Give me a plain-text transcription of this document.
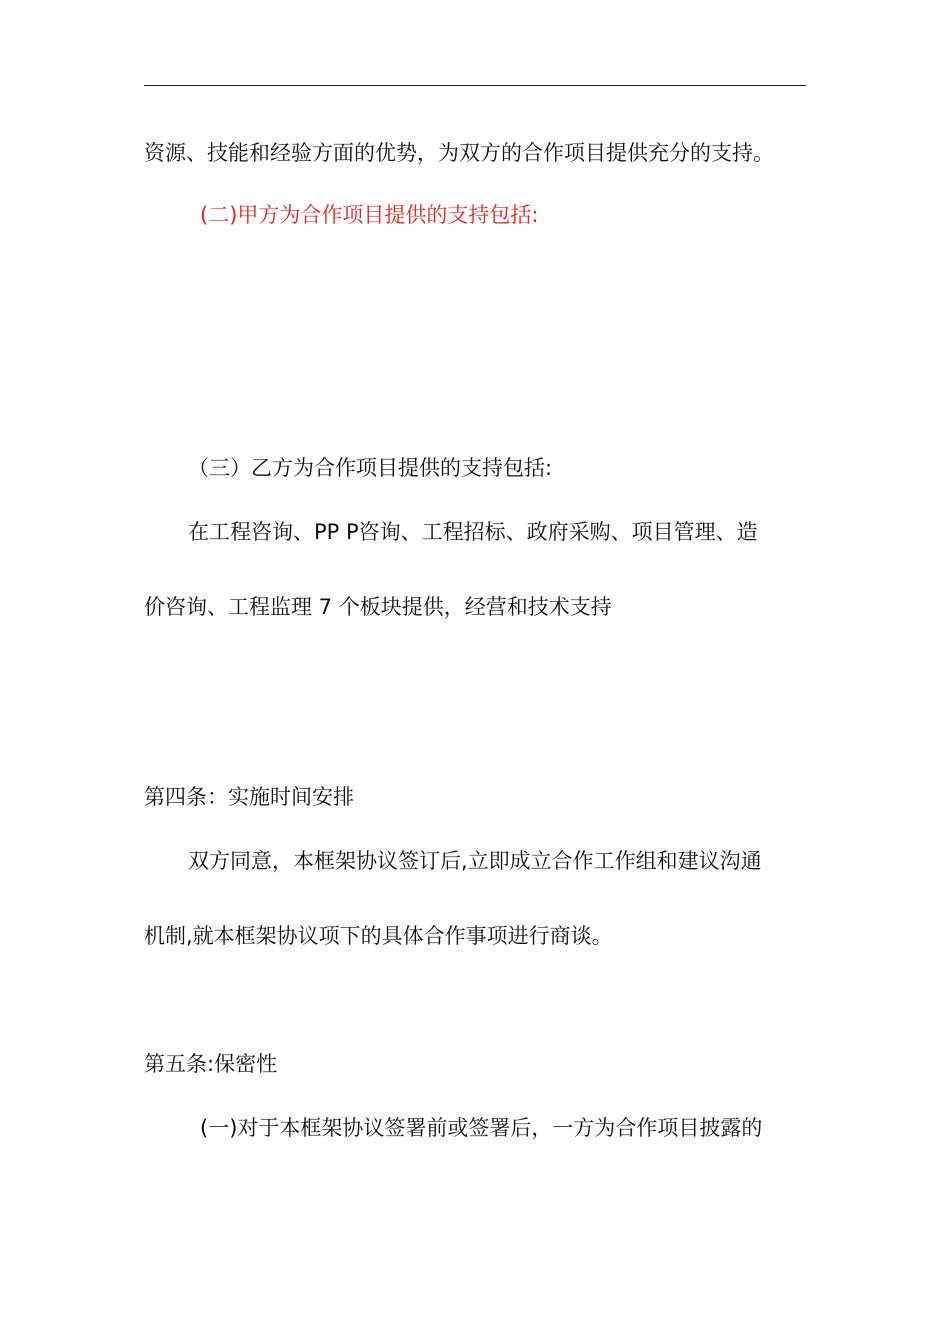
资源、技能和经验方面的优势，为双方的合作项目提供充分的支持。
(二)甲方为合作项目提供的支持包括:
（三）乙方为合作项目提供的支持包括:
在工程咨询、PP P咨询、工程招标、政府采购、项目管理、造
价咨询、工程监理 7 个板块提供，经营和技术支持
第四条：实施时间安排
双方同意，本框架协议签订后,立即成立合作工作组和建议沟通
机制,就本框架协议项下的具体合作事项进行商谈。
第五条:保密性
(一)对于本框架协议签署前或签署后，一方为合作项目披露的
